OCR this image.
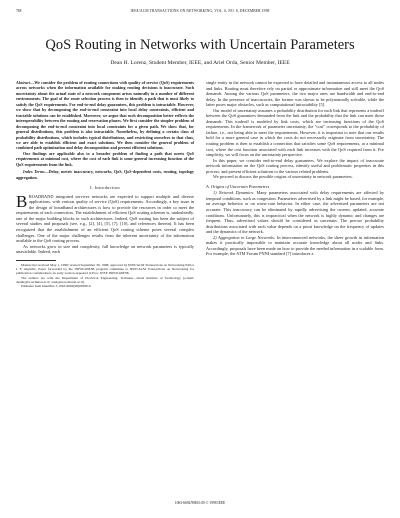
768	IEEE/ACM TRANSACTIONS ON NETWORKING, VOL. 6, NO. 6, DECEMBER 1998
QoS Routing in Networks with Uncertain Parameters
Dean H. Lorenz, Student Member, IEEE, and Ariel Orda, Senior Member, IEEE

Abstract—We consider the problem of routing connections with quality of service (QoS) requirements across networks when the information available for making routing decisions is inaccurate. Such uncertainty about the actual state of a network component arises naturally in a number of different environments. The goal of the route selection process is then to identify a path that is most likely to satisfy the QoS requirements. For end-to-end delay guarantees, this problem is intractable. However, we show that by decomposing the end-to-end constraint into local delay constraints, efficient and tractable solutions can be established. Moreover, we argue that such decomposition better reflects the interoperability between the routing and reservation phases. We first consider the simpler problem of decomposing the end-to-end constraint into local constraints for a given path. We show that, for general distributions, this problem is also intractable. Nonetheless, by defining a certain class of probability distributions, which includes typical distributions, and restricting ourselves to that class, we are able to establish efficient and exact solutions. We then consider the general problem of combined path optimization and delay decomposition and present efficient solutions.

Our findings are applicable also to a broader problem of finding a path that meets QoS requirements at minimal cost, where the cost of each link is some general increasing function of the QoS requirements from the link.

Index Terms—Delay, metric inaccuracy, networks, QoS, QoS-dependent costs, routing, topology aggregation.

I. Introduction

BROADBAND integrated services networks are expected to support multiple and diverse applications, with various quality of service (QoS) requirements. Accordingly, a key issue in the design of broadband architectures is how to provide the resources in order to meet the requirements of each connection. The establishment of efficient QoS routing schemes is, undoubtedly, one of the major building blocks in such architectures. Indeed, QoS routing has been the subject of several studies and proposals (see, e.g., [2], [4], [5], [7], [10], and references therein). It has been recognized that the establishment of an efficient QoS routing scheme poses several complex challenges. One of the major challenges results from the inherent uncertainty of the information available to the QoS routing process.

As networks grow in size and complexity, full knowledge on network parameters is typically unavailable. Indeed, each

Manuscript received May 1, 1998; revised September 30, 1998; approved by IEEE/ACM Transactions on Networking Editor I. F. Akyildiz. Paper forwarded by the INFOCOM'98 program committee to IEEE/ACM Transactions on Networking for publication consideration; an early version appeared in Proc. IEEE INFOCOM'98.

The authors are with the Department of Electrical Engineering, Technion—Israel Institute of Technology (e-mail: deanh@tx.technion.ac.il; ariel@ee.technion.ac.il).

Publisher Item Identifier S 1063-6692(98)09580-6.

single entity in the network cannot be expected to have detailed and instantaneous access to all nodes and links. Routing must therefore rely on partial or approximate information and still meet the QoS demands. Among the various QoS parameters, the two major ones are bandwidth and end-to-end delay. In the presence of inaccuracies, the former was shown to be polynomially solvable, while the latter poses major obstacles, such as computational intractability [5].

Our model of uncertainty assumes a probability distribution for each link that represents a tradeoff between the QoS guarantees demanded from the link and the probability that the link can meet those demands. This tradeoff is modeled by link costs, which are increasing functions of the QoS requirements. In the framework of parameter uncertainty, the "cost" corresponds to the probability of failure, i.e., not being able to meet the requirements. However, it is important to note that our results hold for a more general case in which the costs do not necessarily originate from uncertainty. The routing problem is then to establish a connection that satisfies some QoS requirements, at a minimal cost, where the cost function associated with each link increases with the QoS required from it. For simplicity, we will focus on the uncertainty perspective.

In this paper, we consider end-to-end delay guarantees. We explore the impact of inaccurate network information on the QoS routing process, identify useful and problematic properties in this process, and present efficient solutions to the various related problems.

We proceed to discuss the possible origins of uncertainty in network parameters.

A. Origins of Uncertain Parameters

1) Network Dynamics: Many parameters associated with delay requirements are affected by temporal conditions, such as congestion. Parameters advertised by a link might be based, for example, on average behavior or on worst-case behavior. In either case, the advertised parameters are not accurate. This inaccuracy can be eliminated by rapidly advertising the current, updated, accurate conditions. Unfortunately, this is impractical when the network is highly dynamic and changes are frequent. Thus, advertised values should be considered as uncertain. The precise probability distributions associated with each value depends on a priori knowledge on the frequency of updates and the dynamics of the network.

2) Aggregation in Large Networks: In interconnected networks, the sheer growth in information makes it practically impossible to maintain accurate knowledge about all nodes and links. Accordingly, proposals have been made on how to provide the needed information in a scalable form. For example, the ATM Forum PNNI standard [7] introduces a

1063-6692/98$10.00 © 1998 IEEE
